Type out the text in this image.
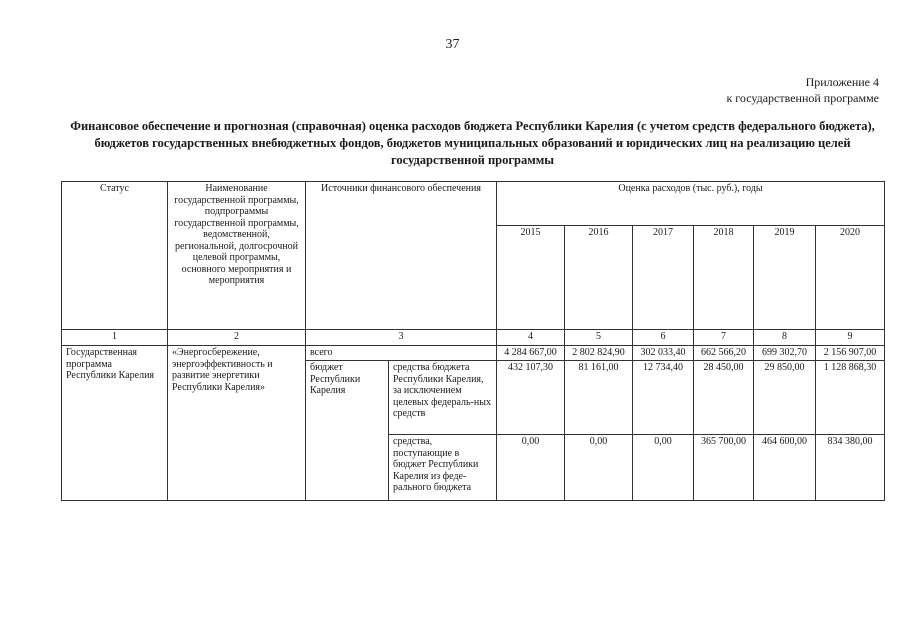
37
Приложение 4
к государственной программе
Финансовое обеспечение и прогнозная (справочная) оценка расходов бюджета Республики Карелия (с учетом средств федерального бюджета), бюджетов государственных внебюджетных фондов, бюджетов муниципальных образований и юридических лиц на реализацию целей государственной программы
Статус	Наименование государственной программы, подпрограммы государственной программы, ведомственной, региональной, долгосрочной целевой программы, основного мероприятия и мероприятия	Источники финансового обеспечения		Оценка расходов (тыс. руб.), годы					
				2015	2016	2017	2018	2019	2020
1	2	3		4	5	6	7	8	9
Государственная программа Республики Карелия	«Энергосбережение, энергоэффективность и развитие энергетики Республики Карелия»	всего		4 284 667,00	2 802 824,90	302 033,40	662 566,20	699 302,70	2 156 907,00
		бюджет Республики Карелия	средства бюджета Республики Карелия, за исключением целевых федераль-ных средств	432 107,30	81 161,00	12 734,40	28 450,00	29 850,00	1 128 868,30
			средства, поступающие в бюджет Республики Карелия из феде-рального бюджета	0,00	0,00	0,00	365 700,00	464 600,00	834 380,00
